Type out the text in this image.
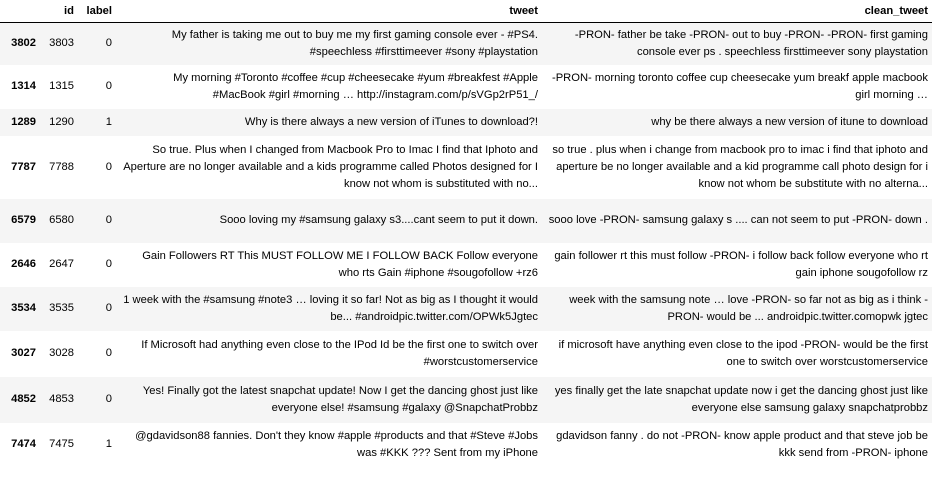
	id	label	tweet	clean_tweet
3802	3803	0	My father is taking me out to buy me my first gaming console ever - #PS4. #speechless #firsttimeever #sony #playstation	-PRON- father be take -PRON- out to buy -PRON- -PRON- first gaming console ever ps . speechless firsttimeever sony playstation
1314	1315	0	My morning #Toronto #coffee #cup #cheesecake #yum #breakfest #Apple #MacBook #girl #morning … http://instagram.com/p/sVGp2rP51_/	-PRON- morning toronto coffee cup cheesecake yum breakf apple macbook girl morning …
1289	1290	1	Why is there always a new version of iTunes to download?!	why be there always a new version of itune to download
7787	7788	0	So true. Plus when I changed from Macbook Pro to Imac I find that Iphoto and Aperture are no longer available and a kids programme called Photos designed for I know not whom is substituted with no...	so true . plus when i change from macbook pro to imac i find that iphoto and aperture be no longer available and a kid programme call photo design for i know not whom be substitute with no alterna...
6579	6580	0	Sooo loving my #samsung galaxy s3....cant seem to put it down.	sooo love -PRON- samsung galaxy s .... can not seem to put -PRON- down .
2646	2647	0	Gain Followers RT This MUST FOLLOW ME I FOLLOW BACK Follow everyone who rts Gain #iphone #sougofollow +rz6	gain follower rt this must follow -PRON- i follow back follow everyone who rt gain iphone sougofollow rz
3534	3535	0	1 week with the #samsung #note3 … loving it so far! Not as big as I thought it would be... #androidpic.twitter.com/OPWk5Jgtec	week with the samsung note … love -PRON- so far not as big as i think -PRON- would be ... androidpic.twitter.comopwk jgtec
3027	3028	0	If Microsoft had anything even close to the IPod Id be the first one to switch over #worstcustomerservice	if microsoft have anything even close to the ipod -PRON- would be the first one to switch over worstcustomerservice
4852	4853	0	Yes! Finally got the latest snapchat update! Now I get the dancing ghost just like everyone else! #samsung #galaxy @SnapchatProbbz	yes finally get the late snapchat update now i get the dancing ghost just like everyone else samsung galaxy snapchatprobbz
7474	7475	1	@gdavidson88 fannies. Don't they know #apple #products and that #Steve #Jobs was #KKK ??? Sent from my iPhone	gdavidson fanny . do not -PRON- know apple product and that steve job be kkk send from -PRON- iphone
